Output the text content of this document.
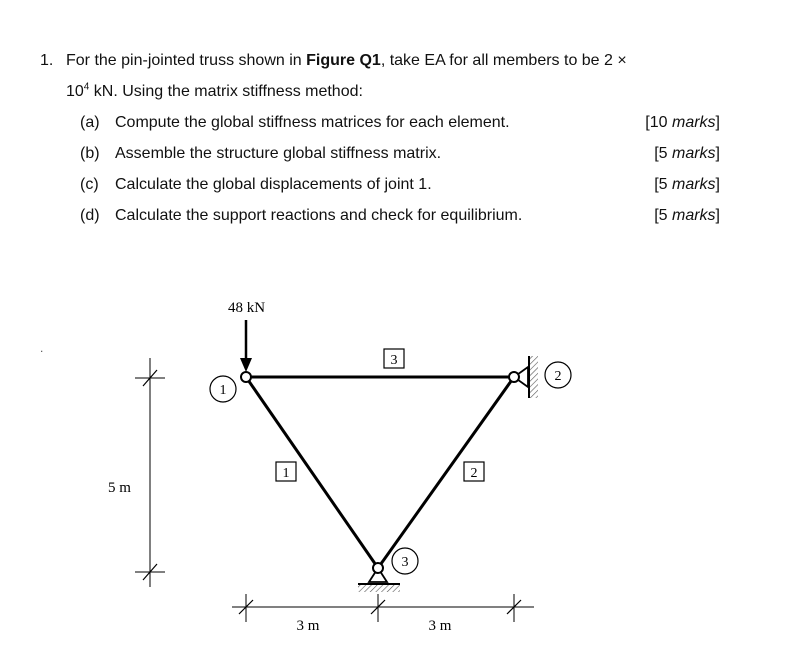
1. For the pin-jointed truss shown in Figure Q1, take EA for all members to be 2 ×
$10^4$ kN. Using the matrix stiffness method:
(a) Compute the global stiffness matrices for each element.	[10 marks]
(b) Assemble the structure global stiffness matrix.	[5 marks]
(c) Calculate the global displacements of joint 1.	[5 marks]
(d) Calculate the support reactions and check for equilibrium.	[5 marks]
.
48 kN
1
2
3
3
1	2
5 m
3 m	3 m
